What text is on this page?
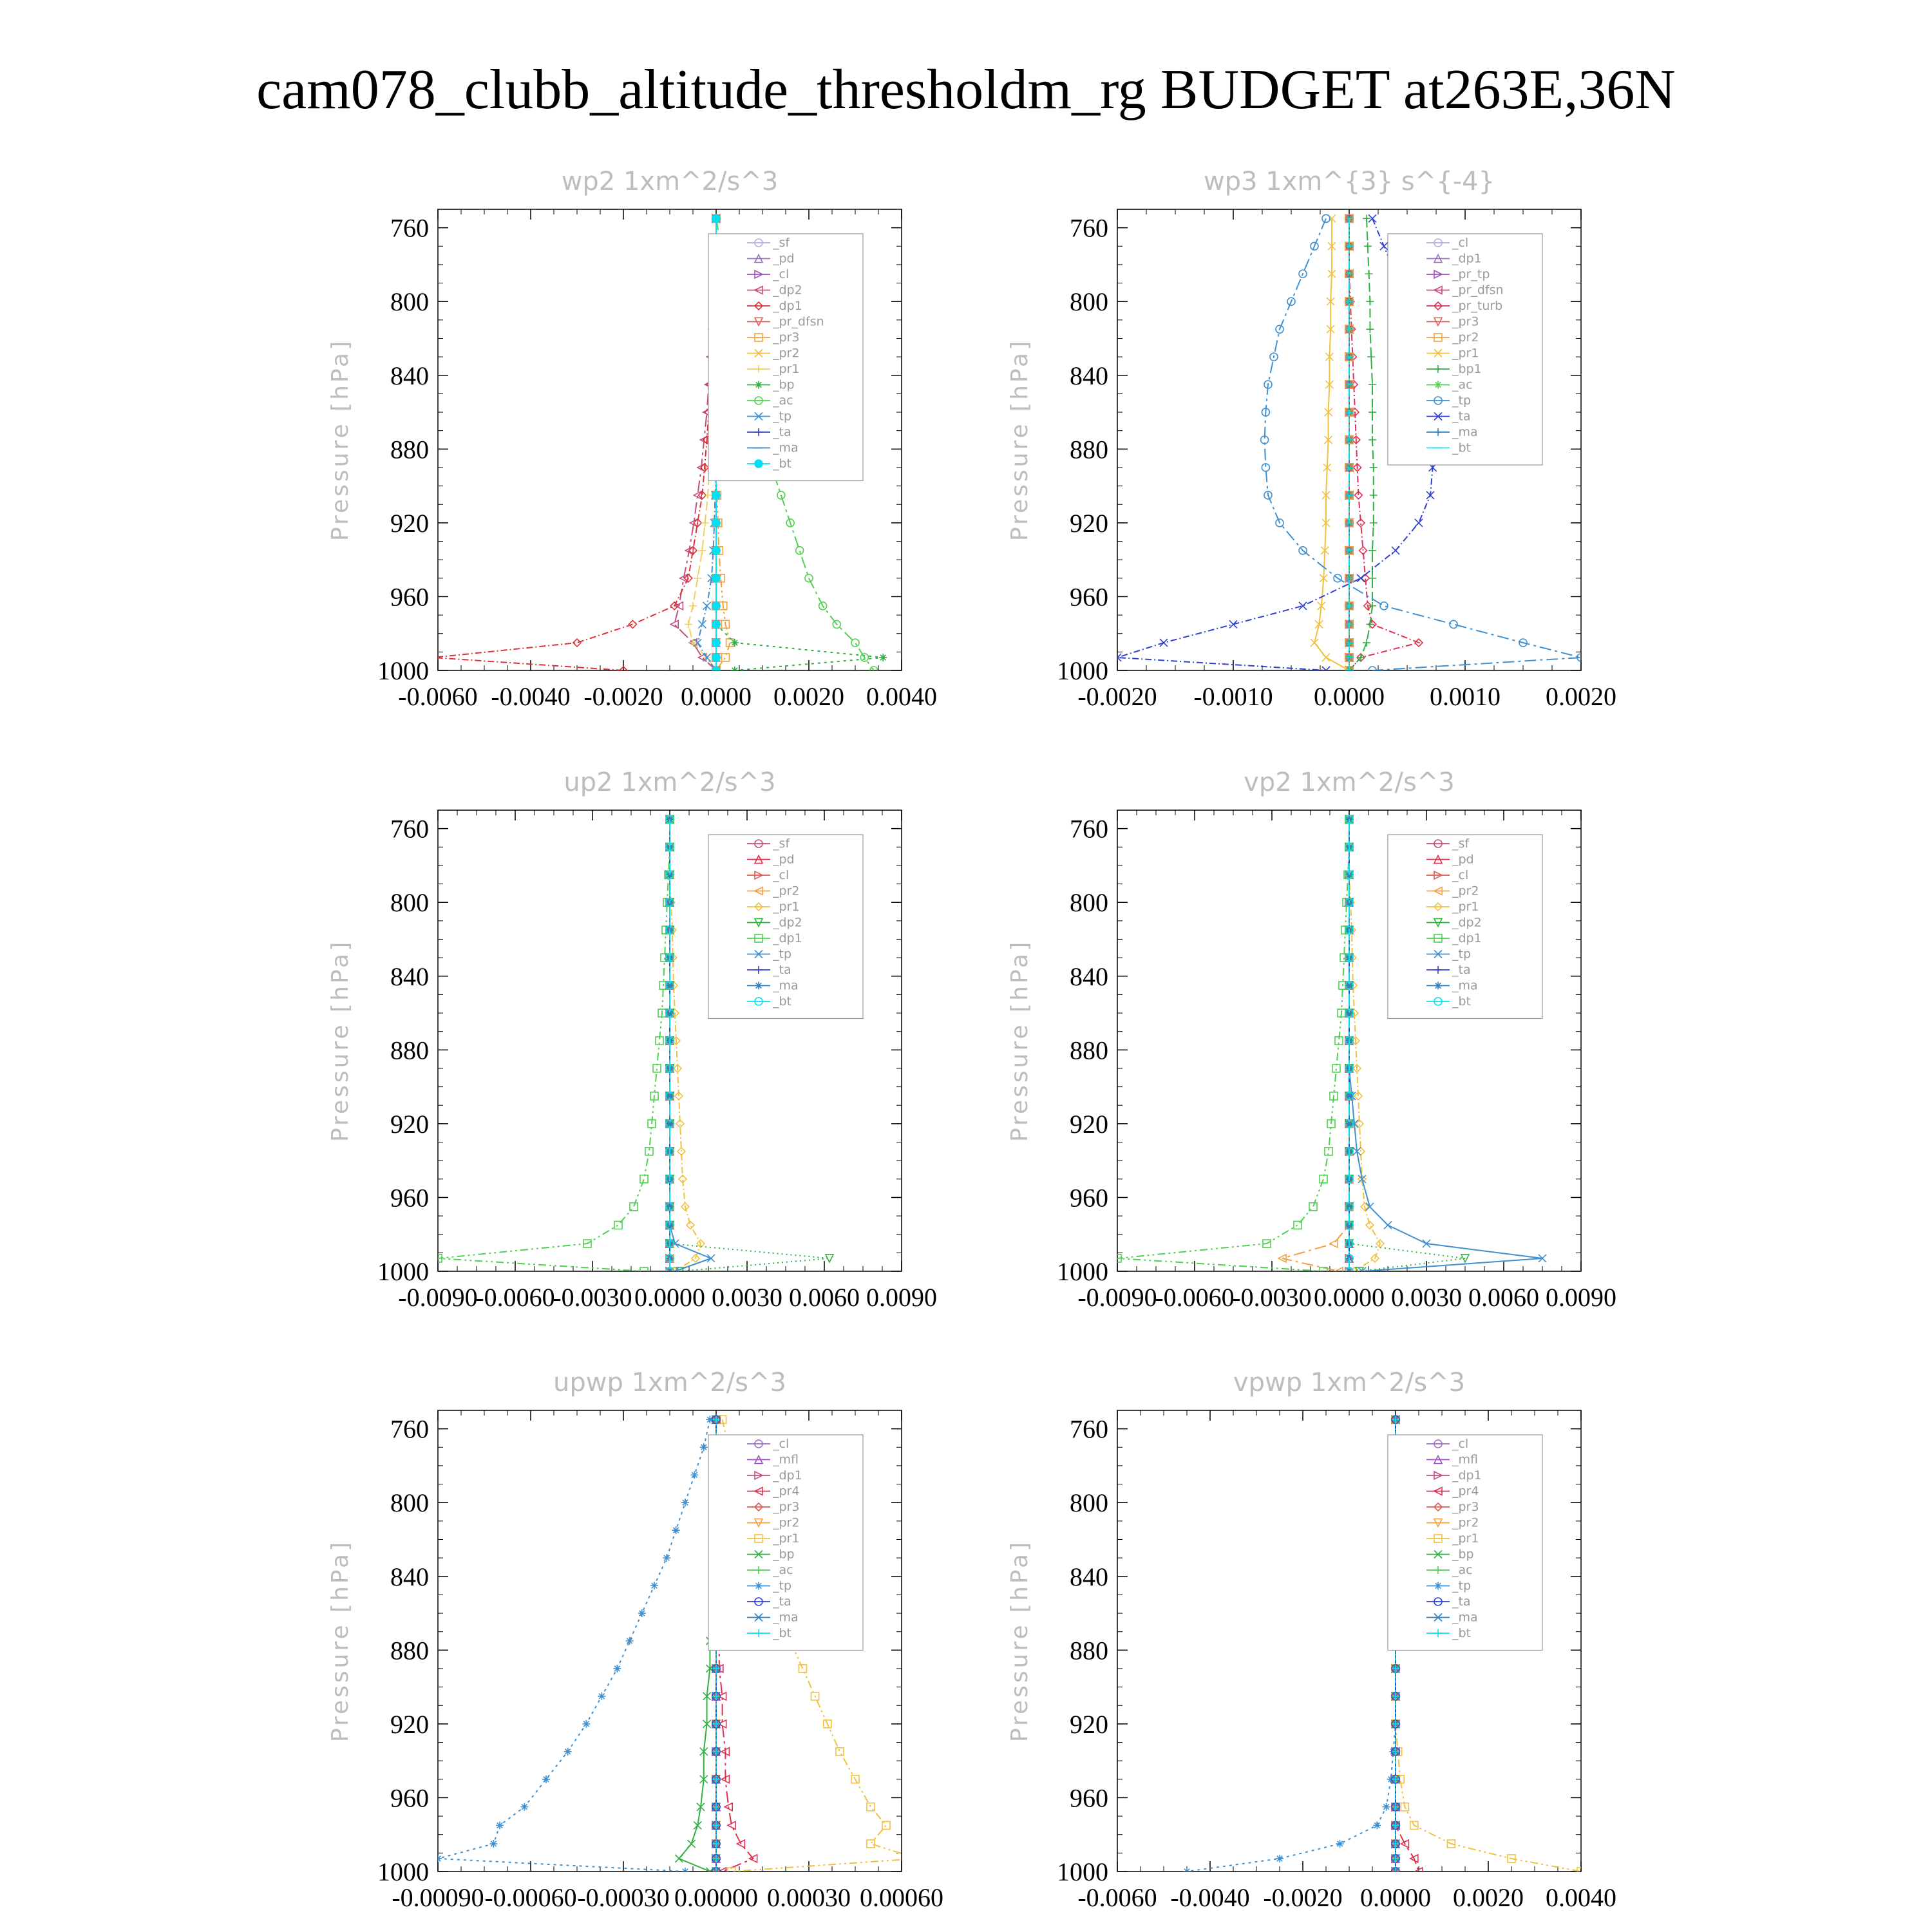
cam078_clubb_altitude_thresholdm_rg BUDGET at263E,36N
wp2 1xm^2/s^3
Pressure [hPa]
760
800
840
880
920
960
1000
-0.0060 -0.0040 -0.0020 0.0000 0.0020 0.0040
_sf
_pd
_cl
_dp2
_dp1
_pr_dfsn
_pr3
_pr2
_pr1
_bp
_ac
_tp
_ta
_ma
_bt
wp3 1xm^{3} s^{-4}
Pressure [hPa]
760
800
840
880
920
960
1000
-0.0020 -0.0010 0.0000 0.0010 0.0020
_cl
_dp1
_pr_tp
_pr_dfsn
_pr_turb
_pr3
_pr2
_pr1
_bp1
_ac
_tp
_ta
_ma
_bt
up2 1xm^2/s^3
Pressure [hPa]
760
800
840
880
920
960
1000
-0.0090
-0.0060
-0.0030 0.0000 0.0030 0.0060 0.0090
_sf
_pd
_cl
_pr2
_pr1
_dp2
_dp1
_tp
_ta
_ma
_bt
vp2 1xm^2/s^3
Pressure [hPa]
760
800
840
880
920
960
1000
-0.0090
-0.0060
-0.0030 0.0000 0.0030 0.0060 0.0090
_sf
_pd
_cl
_pr2
_pr1
_dp2
_dp1
_tp
_ta
_ma
_bt
upwp 1xm^2/s^3
Pressure [hPa]
760
800
840
880
920
960
1000
-0.00090 -0.00060 -0.00030 0.00000 0.00030 0.00060
_cl
_mfl
_dp1
_pr4
_pr3
_pr2
_pr1
_bp
_ac
_tp
_ta
_ma
_bt
vpwp 1xm^2/s^3
Pressure [hPa]
760
800
840
880
920
960
1000
-0.0060 -0.0040 -0.0020 0.0000 0.0020 0.0040
_cl
_mfl
_dp1
_pr4
_pr3
_pr2
_pr1
_bp
_ac
_tp
_ta
_ma
_bt
